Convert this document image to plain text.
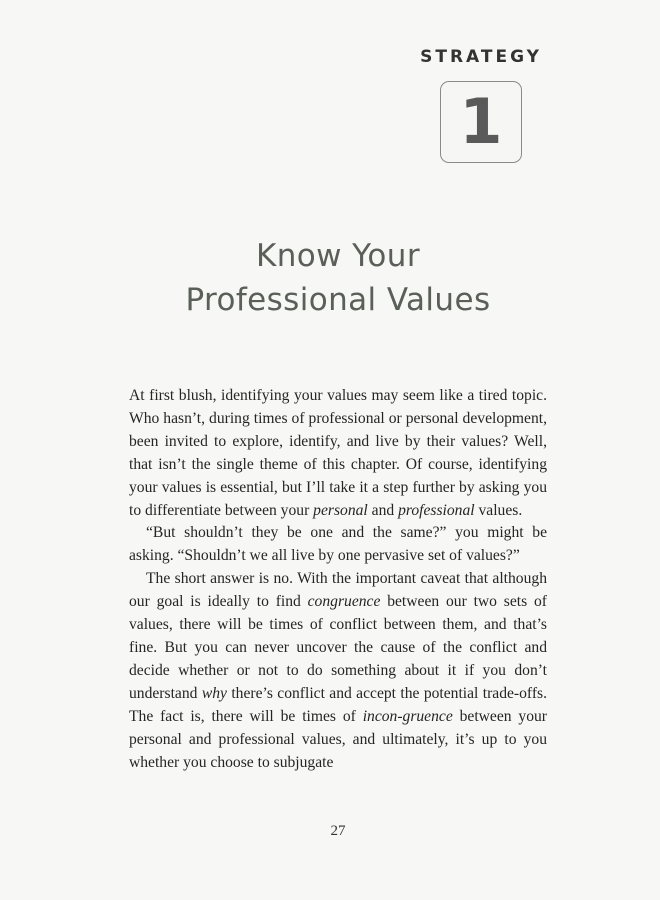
STRATEGY
1
Know Your
Professional Values

At first blush, identifying your values may seem like a tired topic. Who hasn’t, during times of professional or personal development, been invited to explore, identify, and live by their values? Well, that isn’t the single theme of this chapter. Of course, identifying your values is essential, but I’ll take it a step further by asking you to differentiate between your personal and professional values.

“But shouldn’t they be one and the same?” you might be asking. “Shouldn’t we all live by one pervasive set of values?”

The short answer is no. With the important caveat that although our goal is ideally to find congruence between our two sets of values, there will be times of conflict between them, and that’s fine. But you can never uncover the cause of the conflict and decide whether or not to do something about it if you don’t understand why there’s conflict and accept the potential trade-offs. The fact is, there will be times of incon-gruence between your personal and professional values, and ultimately, it’s up to you whether you choose to subjugate

27
